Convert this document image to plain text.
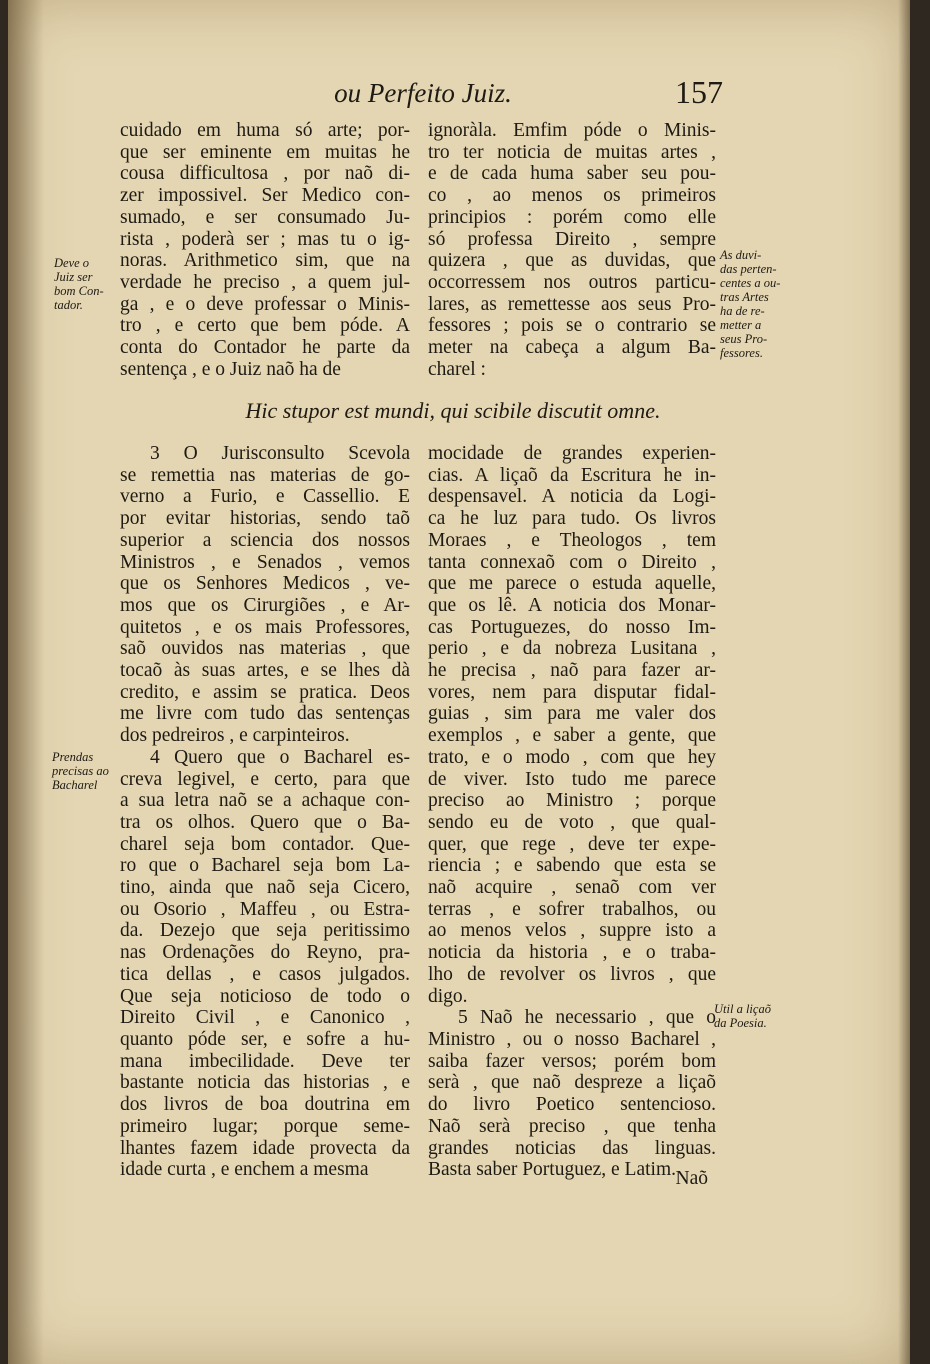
ou Perfeito Juiz.	157
cuidado em huma só arte; por-
que ser eminente em muitas he
cousa difficultosa , por naõ di-
zer impossivel. Ser Medico con-
sumado, e ser consumado Ju-
rista , poderà ser ; mas tu o ig-
noras. Arithmetico sim, que na
verdade he preciso , a quem jul-
ga , e o deve professar o Minis-
tro , e certo que bem póde. A
conta do Contador he parte da
sentença , e o Juiz naõ ha de
ignoràla. Emfim póde o Minis-
tro ter noticia de muitas artes ,
e de cada huma saber seu pou-
co , ao menos os primeiros
principios : porém como elle
só professa Direito , sempre
quizera , que as duvidas, que
occorressem nos outros particu-
lares, as remettesse aos seus Pro-
fessores ; pois se o contrario se
meter na cabeça a algum Ba-
charel :
Hic stupor est mundi, qui scibile discutit omne.
3 O Jurisconsulto Scevola
se remettia nas materias de go-
verno a Furio, e Cassellio. E
por evitar historias, sendo taõ
superior a sciencia dos nossos
Ministros , e Senados , vemos
que os Senhores Medicos , ve-
mos que os Cirurgiões , e Ar-
quitetos , e os mais Professores,
saõ ouvidos nas materias , que
tocaõ às suas artes, e se lhes dà
credito, e assim se pratica. Deos
me livre com tudo das sentenças
dos pedreiros , e carpinteiros.
4 Quero que o Bacharel es-
creva legivel, e certo, para que
a sua letra naõ se a achaque con-
tra os olhos. Quero que o Ba-
charel seja bom contador. Que-
ro que o Bacharel seja bom La-
tino, ainda que naõ seja Cicero,
ou Osorio , Maffeu , ou Estra-
da. Dezejo que seja peritissimo
nas Ordenações do Reyno, pra-
tica dellas , e casos julgados.
Que seja noticioso de todo o
Direito Civil , e Canonico ,
quanto póde ser, e sofre a hu-
mana imbecilidade. Deve ter
bastante noticia das historias , e
dos livros de boa doutrina em
primeiro lugar; porque seme-
lhantes fazem idade provecta da
idade curta , e enchem a mesma
mocidade de grandes experien-
cias. A liçaõ da Escritura he in-
despensavel. A noticia da Logi-
ca he luz para tudo. Os livros
Moraes , e Theologos , tem
tanta connexaõ com o Direito ,
que me parece o estuda aquelle,
que os lê. A noticia dos Monar-
cas Portuguezes, do nosso Im-
perio , e da nobreza Lusitana ,
he precisa , naõ para fazer ar-
vores, nem para disputar fidal-
guias , sim para me valer dos
exemplos , e saber a gente, que
trato, e o modo , com que hey
de viver. Isto tudo me parece
preciso ao Ministro ; porque
sendo eu de voto , que qual-
quer, que rege , deve ter expe-
riencia ; e sabendo que esta se
naõ acquire , senaõ com ver
terras , e sofrer trabalhos, ou
ao menos velos , suppre isto a
noticia da historia , e o traba-
lho de revolver os livros , que
digo.
5 Naõ he necessario , que o
Ministro , ou o nosso Bacharel ,
saiba fazer versos; porém bom
serà , que naõ despreze a liçaõ
do livro Poetico sentencioso.
Naõ serà preciso , que tenha
grandes noticias das linguas.
Basta saber Portuguez, e Latim.
Deve o
Juiz ser
bom Con-
tador.
As duvi-
das perten-
centes a ou-
tras Artes
ha de re-
metter a
seus Pro-
fessores.
Prendas
precisas ao
Bacharel
Util a liçaõ
da Poesia.
Naõ
